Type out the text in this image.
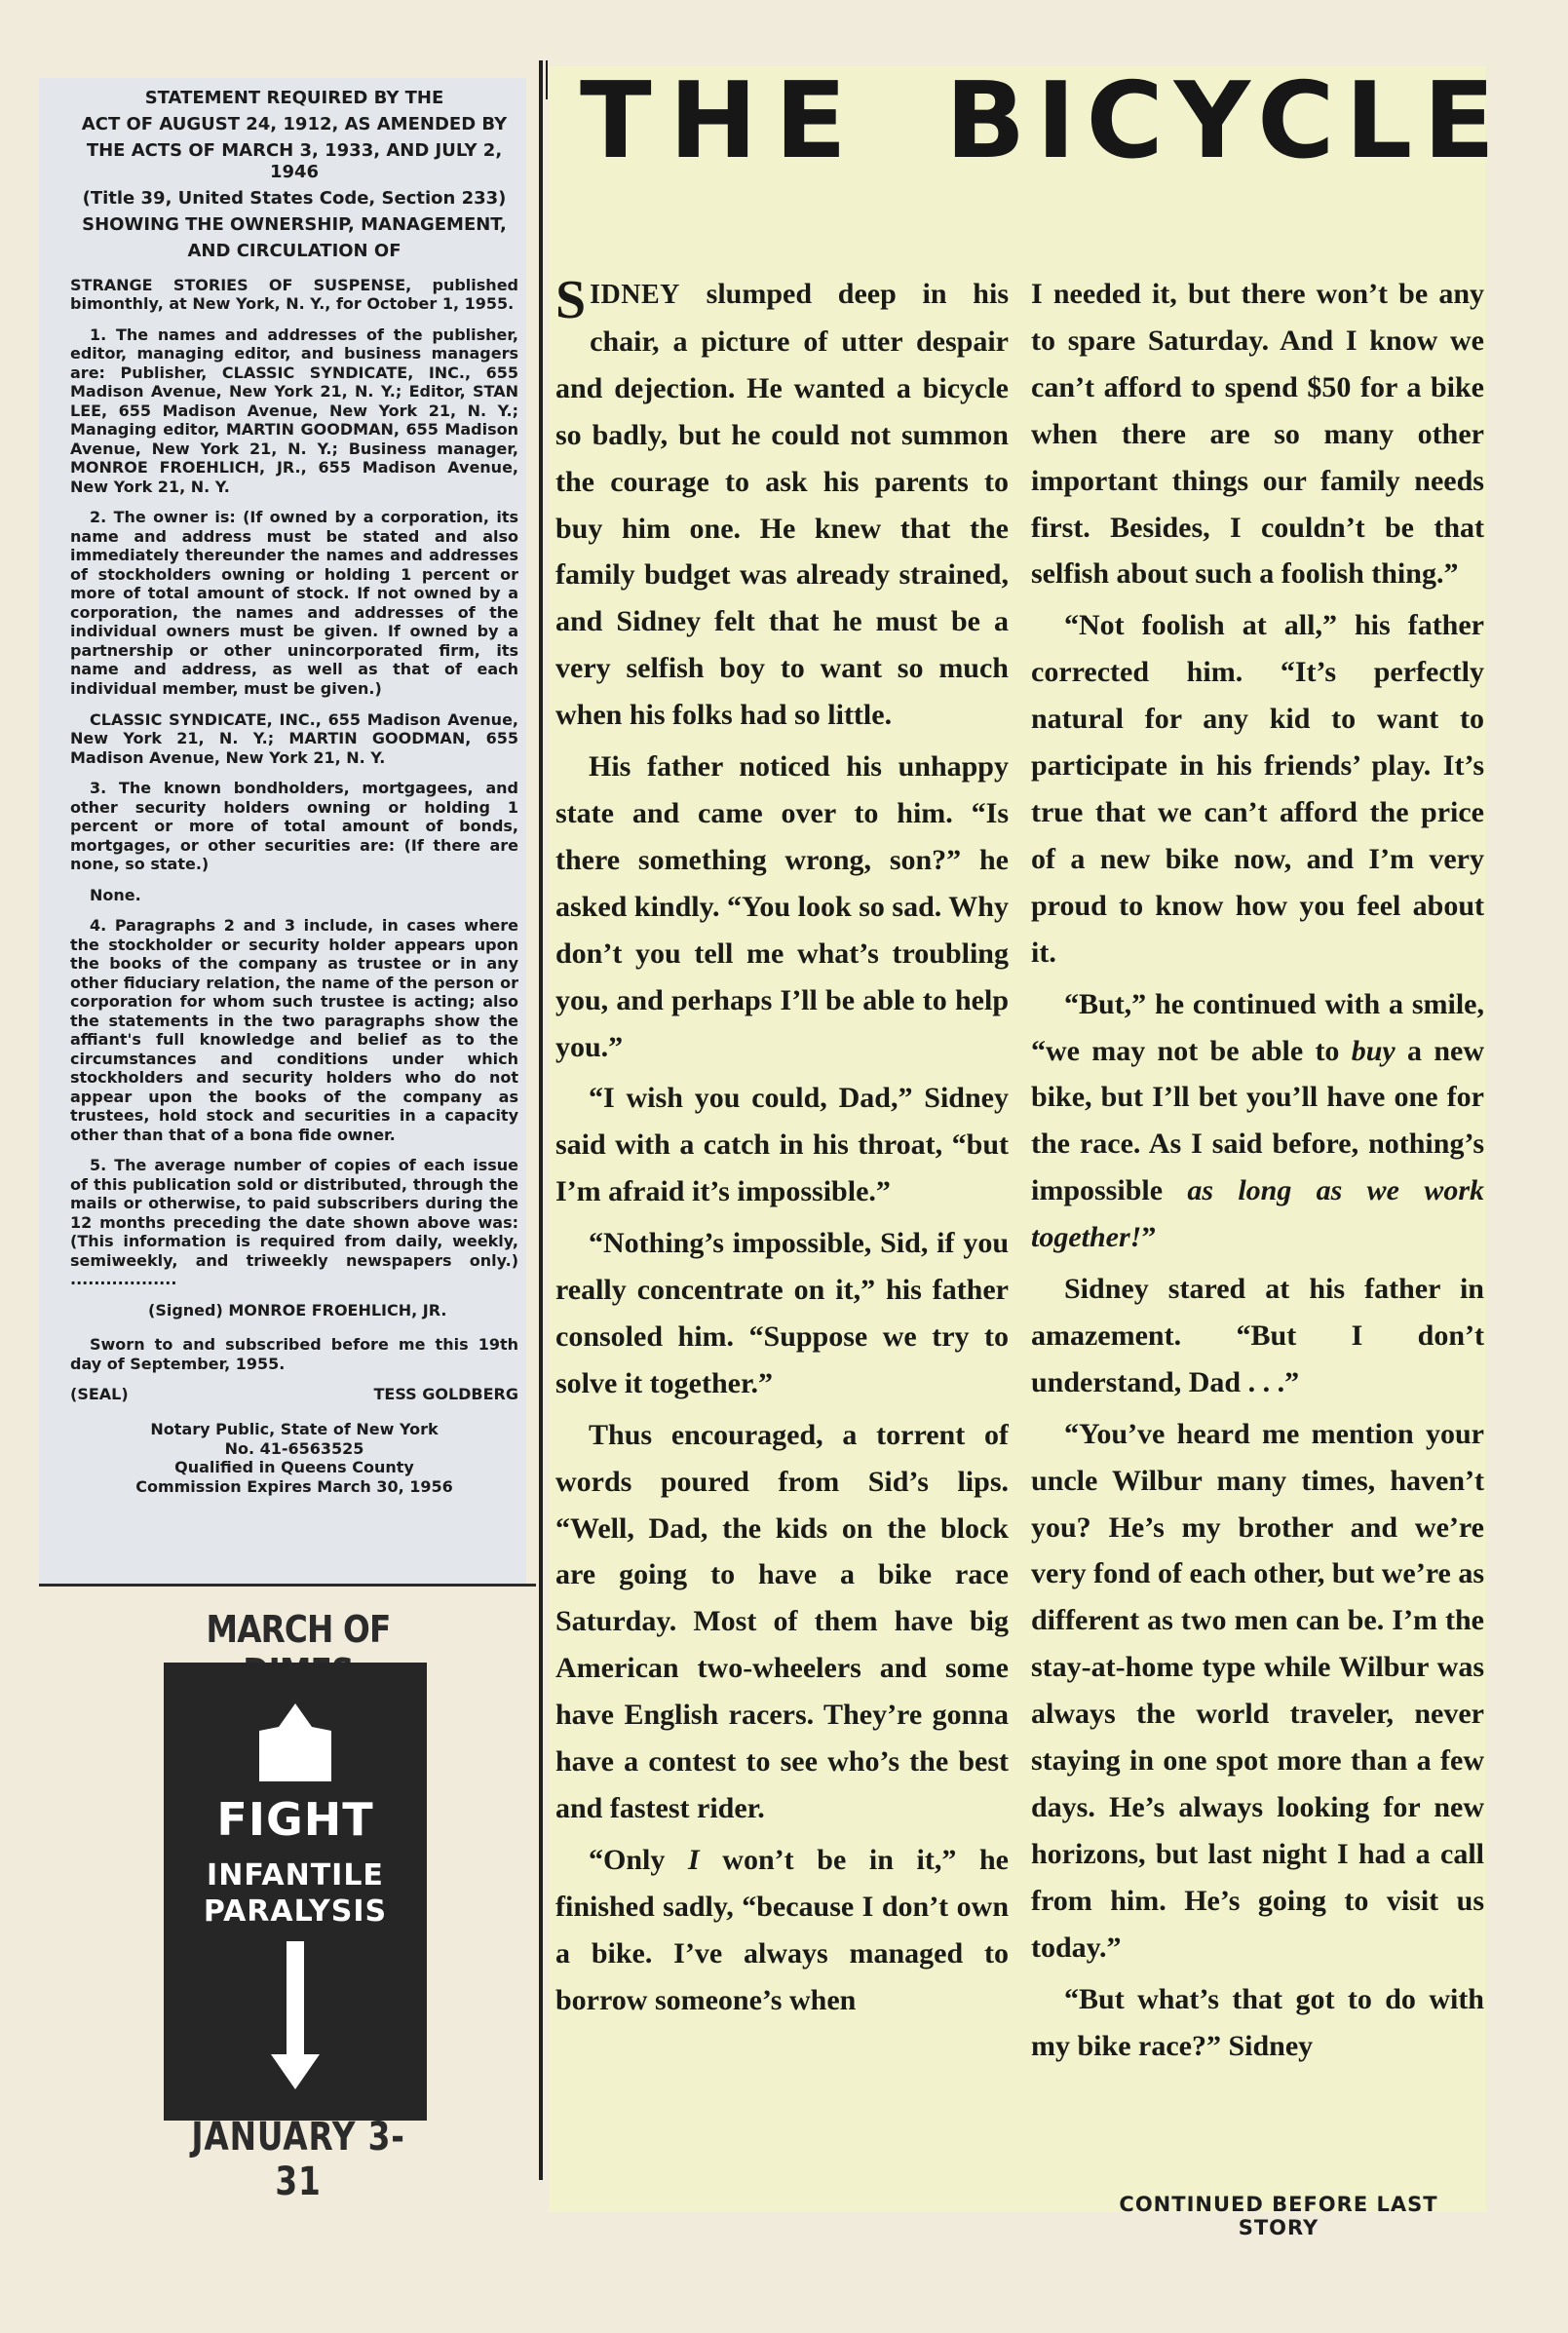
STATEMENT REQUIRED BY THE
ACT OF AUGUST 24, 1912, AS AMENDED BY
THE ACTS OF MARCH 3, 1933, AND JULY 2, 1946
(Title 39, United States Code, Section 233)
SHOWING THE OWNERSHIP, MANAGEMENT,
AND CIRCULATION OF

STRANGE STORIES OF SUSPENSE, published bimonthly, at New York, N. Y., for October 1, 1955.

1. The names and addresses of the publisher, editor, managing editor, and business managers are: Publisher, CLASSIC SYNDICATE, INC., 655 Madison Avenue, New York 21, N. Y.; Editor, STAN LEE, 655 Madison Avenue, New York 21, N. Y.; Managing editor, MARTIN GOODMAN, 655 Madison Avenue, New York 21, N. Y.; Business manager, MONROE FROEHLICH, JR., 655 Madison Avenue, New York 21, N. Y.

2. The owner is: (If owned by a corporation, its name and address must be stated and also immediately thereunder the names and addresses of stockholders owning or holding 1 percent or more of total amount of stock. If not owned by a corporation, the names and addresses of the individual owners must be given. If owned by a partnership or other unincorporated firm, its name and address, as well as that of each individual member, must be given.)

CLASSIC SYNDICATE, INC., 655 Madison Avenue, New York 21, N. Y.; MARTIN GOODMAN, 655 Madison Avenue, New York 21, N. Y.

3. The known bondholders, mortgagees, and other security holders owning or holding 1 percent or more of total amount of bonds, mortgages, or other securities are: (If there are none, so state.)

None.

4. Paragraphs 2 and 3 include, in cases where the stockholder or security holder appears upon the books of the company as trustee or in any other fiduciary relation, the name of the person or corporation for whom such trustee is acting; also the statements in the two paragraphs show the affiant's full knowledge and belief as to the circumstances and conditions under which stockholders and security holders who do not appear upon the books of the company as trustees, hold stock and securities in a capacity other than that of a bona fide owner.

5. The average number of copies of each issue of this publication sold or distributed, through the mails or otherwise, to paid subscribers during the 12 months preceding the date shown above was: (This information is required from daily, weekly, semiweekly, and triweekly newspapers only.) ..................

(Signed) MONROE FROEHLICH, JR.

Sworn to and subscribed before me this 19th day of September, 1955.

(SEAL)	TESS GOLDBERG
Notary Public, State of New York
No. 41-6563525
Qualified in Queens County
Commission Expires March 30, 1956
MARCH OF
FIGHT
INFANTILE
PARALYSIS
JANUARY 3-31
THE BICYCLE

SIDNEY slumped deep in his chair, a picture of utter despair and dejection. He wanted a bicycle so badly, but he could not summon the courage to ask his parents to buy him one. He knew that the family budget was already strained, and Sidney felt that he must be a very selfish boy to want so much when his folks had so little.

His father noticed his unhappy state and came over to him. “Is there something wrong, son?” he asked kindly. “You look so sad. Why don’t you tell me what’s troubling you, and perhaps I’ll be able to help you.”

“I wish you could, Dad,” Sidney said with a catch in his throat, “but I’m afraid it’s impossible.”

“Nothing’s impossible, Sid, if you really concentrate on it,” his father consoled him. “Suppose we try to solve it together.”

Thus encouraged, a torrent of words poured from Sid’s lips. “Well, Dad, the kids on the block are going to have a bike race Saturday. Most of them have big American two-wheelers and some have English racers. They’re gonna have a contest to see who’s the best and fastest rider.

“Only I won’t be in it,” he finished sadly, “because I don’t own a bike. I’ve always managed to borrow someone’s when

I needed it, but there won’t be any to spare Saturday. And I know we can’t afford to spend $50 for a bike when there are so many other important things our family needs first. Besides, I couldn’t be that selfish about such a foolish thing.”

“Not foolish at all,” his father corrected him. “It’s perfectly natural for any kid to want to participate in his friends’ play. It’s true that we can’t afford the price of a new bike now, and I’m very proud to know how you feel about it.

“But,” he continued with a smile, “we may not be able to buy a new bike, but I’ll bet you’ll have one for the race. As I said before, nothing’s impossible as long as we work together!”

Sidney stared at his father in amazement. “But I don’t understand, Dad . . .”

“You’ve heard me mention your uncle Wilbur many times, haven’t you? He’s my brother and we’re very fond of each other, but we’re as different as two men can be. I’m the stay-at-home type while Wilbur was always the world traveler, never staying in one spot more than a few days. He’s always looking for new horizons, but last night I had a call from him. He’s going to visit us today.”

“But what’s that got to do with my bike race?” Sidney

CONTINUED BEFORE LAST STORY
